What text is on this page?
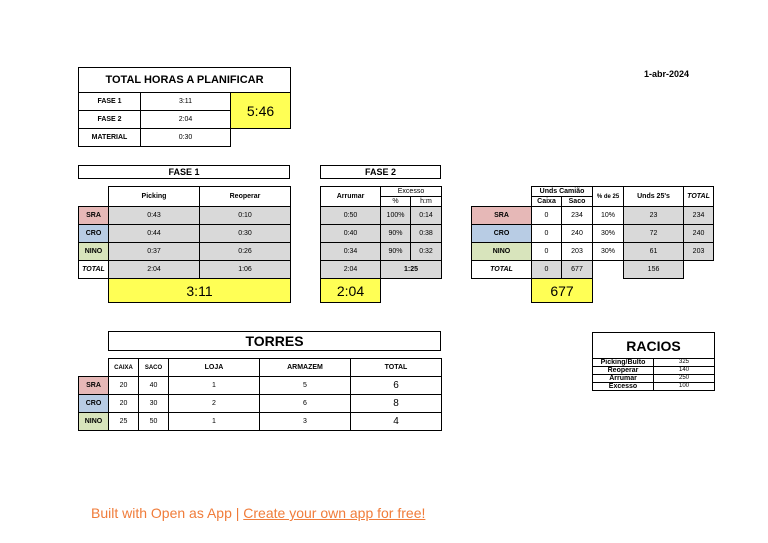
1-abr-2024
TOTAL HORAS A PLANIFICAR		
FASE 1	3:11	5:46
FASE 2	2:04	
MATERIAL	0:30	
FASE 1
	Picking	Reoperar
SRA	0:43	0:10
CRO	0:44	0:30
NINO	0:37	0:26
TOTAL	2:04	1:06
	3:11	
FASE 2
Arrumar	Excesso	
	%	h:m
0:50	100%	0:14
0:40	90%	0:38
0:34	90%	0:32
2:04	1:25	
2:04		
	Unds Camião		% de 25	Unds 25's	TOTAL
	Caixa	Saco			
SRA	0	234	10%	23	234
CRO	0	240	30%	72	240
NINO	0	203	30%	61	203
TOTAL	0	677		156	
	677				
TORRES
	CAIXA	SACO	LOJA	ARMAZEM	TOTAL
SRA	20	40	1	5	6
CRO	20	30	2	6	8
NINO	25	50	1	3	4
RACIOS	
Picking/Bulto	325
Reoperar	140
Arrumar	250
Excesso	100
Built with Open as App | Create your own app for free!
